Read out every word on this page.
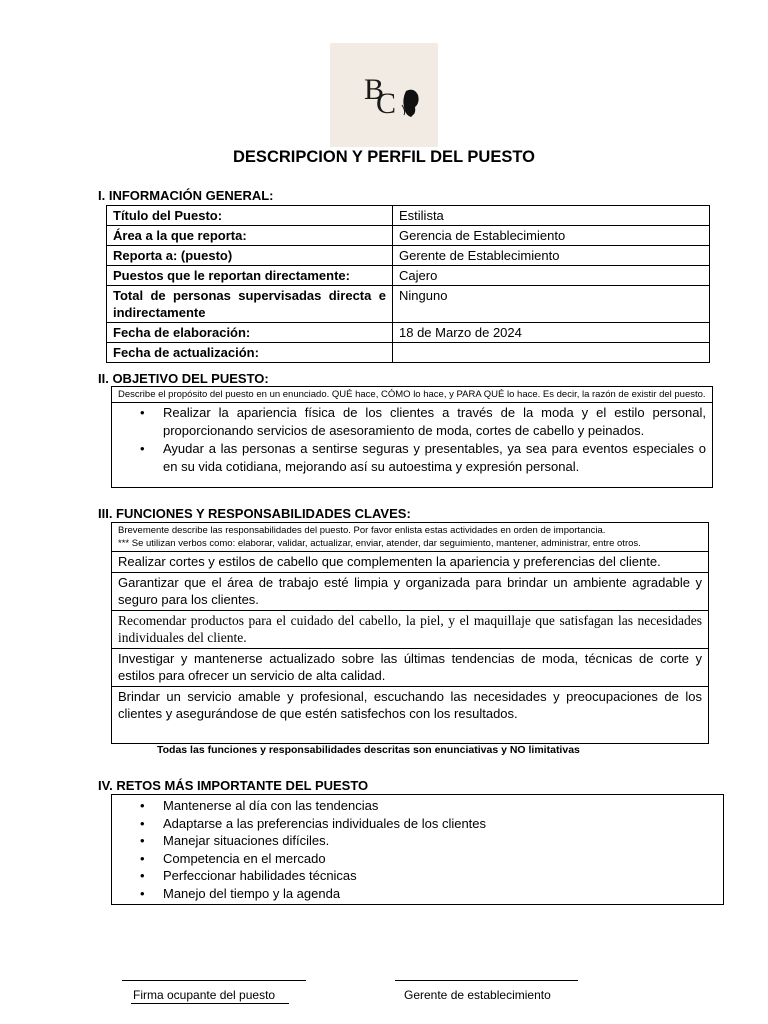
B
C
DESCRIPCION Y PERFIL DEL PUESTO
I. INFORMACIÓN GENERAL:
Título del Puesto:	Estilista
Área a la que reporta:	Gerencia de Establecimiento
Reporta a: (puesto)	Gerente de Establecimiento
Puestos que le reportan directamente:	Cajero
Total de personas supervisadas directa e indirectamente	Ninguno
Fecha de elaboración:	18 de Marzo de 2024
Fecha de actualización:	
II. OBJETIVO DEL PUESTO:
Describe el propósito del puesto en un enunciado. QUÉ hace, CÓMO lo hace, y PARA QUÉ lo hace. Es decir, la razón de existir del puesto.
• Realizar la apariencia física de los clientes a través de la moda y el estilo personal, proporcionando servicios de asesoramiento de moda, cortes de cabello y peinados.
• Ayudar a las personas a sentirse seguras y presentables, ya sea para eventos especiales o en su vida cotidiana, mejorando así su autoestima y expresión personal.
III. FUNCIONES Y RESPONSABILIDADES CLAVES:
Brevemente describe las responsabilidades del puesto. Por favor enlista estas actividades en orden de importancia.
*** Se utilizan verbos como: elaborar, validar, actualizar, enviar, atender, dar seguimiento, mantener, administrar, entre otros.
Realizar cortes y estilos de cabello que complementen la apariencia y preferencias del cliente.
Garantizar que el área de trabajo esté limpia y organizada para brindar un ambiente agradable y seguro para los clientes.
Recomendar productos para el cuidado del cabello, la piel, y el maquillaje que satisfagan las necesidades individuales del cliente.
Investigar y mantenerse actualizado sobre las últimas tendencias de moda, técnicas de corte y estilos para ofrecer un servicio de alta calidad.
Brindar un servicio amable y profesional, escuchando las necesidades y preocupaciones de los clientes y asegurándose de que estén satisfechos con los resultados.
Todas las funciones y responsabilidades descritas son enunciativas y NO limitativas
IV. RETOS MÁS IMPORTANTE DEL PUESTO
• Mantenerse al día con las tendencias
• Adaptarse a las preferencias individuales de los clientes
• Manejar situaciones difíciles.
• Competencia en el mercado
• Perfeccionar habilidades técnicas
• Manejo del tiempo y la agenda
Firma ocupante del puesto	Gerente de establecimiento
